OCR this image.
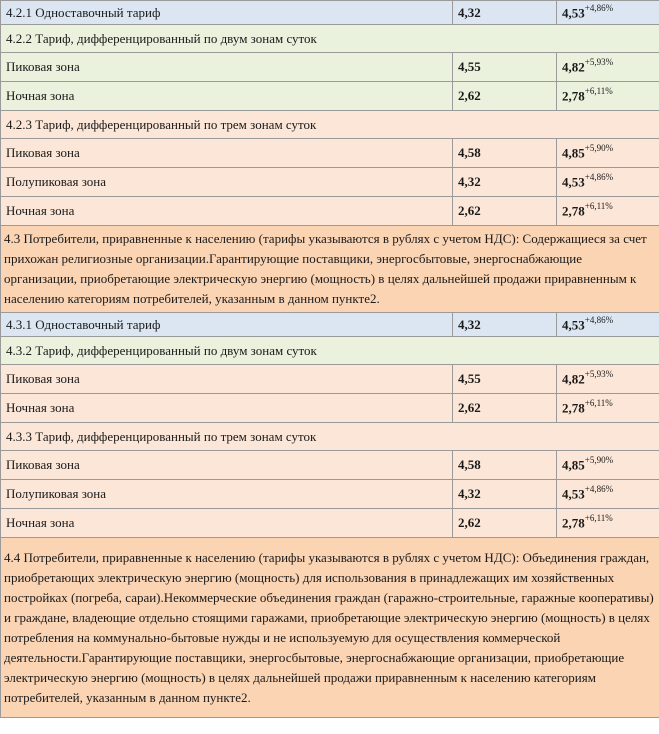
4.2.1 Одноставочный тариф	4,32	$4,53^{+4,86\%}$
4.2.2 Тариф, дифференцированный по двум зонам суток		
Пиковая зона	4,55	$4,82^{+5,93\%}$
Ночная зона	2,62	$2,78^{+6,11\%}$
4.2.3 Тариф, дифференцированный по трем зонам суток		
Пиковая зона	4,58	$4,85^{+5,90\%}$
Полупиковая зона	4,32	$4,53^{+4,86\%}$
Ночная зона	2,62	$2,78^{+6,11\%}$
4.3 Потребители, приравненные к населению (тарифы указываются в рублях с учетом НДС): Содержащиеся за счет прихожан религиозные организации.Гарантирующие поставщики, энергосбытовые, энергоснабжающие организации, приобретающие электрическую энергию (мощность) в целях дальнейшей продажи приравненным к населению категориям потребителей, указанным в данном пункте2.		
4.3.1 Одноставочный тариф	4,32	$4,53^{+4,86\%}$
4.3.2 Тариф, дифференцированный по двум зонам суток		
Пиковая зона	4,55	$4,82^{+5,93\%}$
Ночная зона	2,62	$2,78^{+6,11\%}$
4.3.3 Тариф, дифференцированный по трем зонам суток		
Пиковая зона	4,58	$4,85^{+5,90\%}$
Полупиковая зона	4,32	$4,53^{+4,86\%}$
Ночная зона	2,62	$2,78^{+6,11\%}$
4.4 Потребители, приравненные к населению (тарифы указываются в рублях с учетом НДС): Объединения граждан, приобретающих электрическую энергию (мощность) для использования в принадлежащих им хозяйственных постройках (погреба, сараи).Некоммерческие объединения граждан (гаражно-строительные, гаражные кооперативы) и граждане, владеющие отдельно стоящими гаражами, приобретающие электрическую энергию (мощность) в целях потребления на коммунально-бытовые нужды и не используемую для осуществления коммерческой деятельности.Гарантирующие поставщики, энергосбытовые, энергоснабжающие организации, приобретающие электрическую энергию (мощность) в целях дальнейшей продажи приравненным к населению категориям потребителей, указанным в данном пункте2.		
